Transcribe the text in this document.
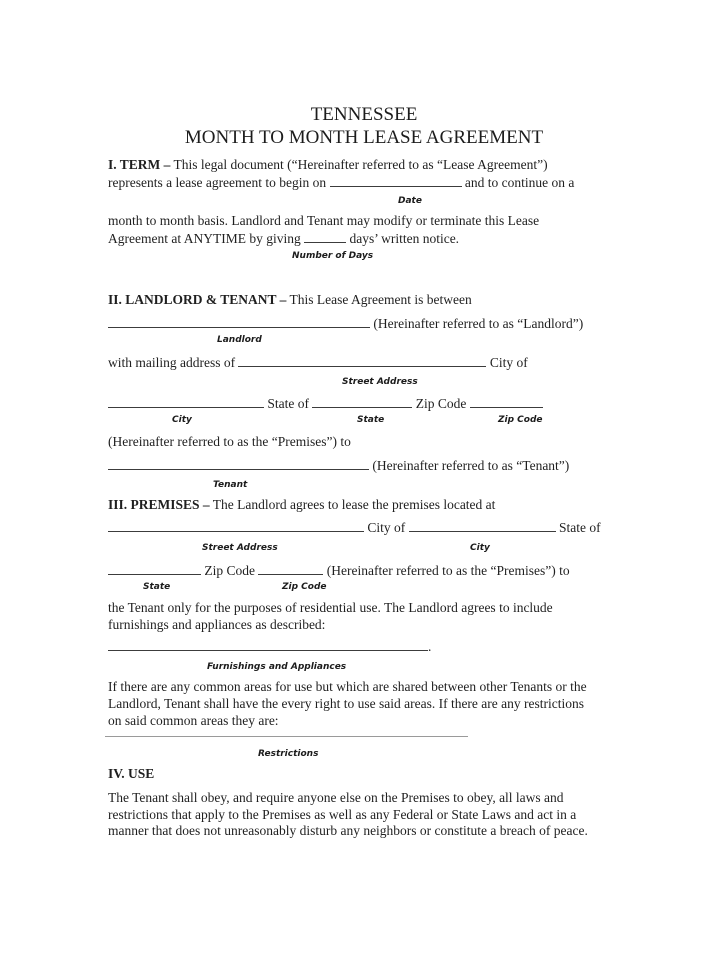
TENNESSEE
MONTH TO MONTH LEASE AGREEMENT
I. TERM – This legal document (“Hereinafter referred to as “Lease Agreement”)
represents a lease agreement to begin on	and to continue on a
Date
month to month basis. Landlord and Tenant may modify or terminate this Lease
Agreement at ANYTIME by giving	days’ written notice.
Number of Days
II. LANDLORD & TENANT – This Lease Agreement is between
(Hereinafter referred to as “Landlord”)
Landlord
with mailing address of	City of
Street Address
State of	Zip Code
City	State	Zip Code
(Hereinafter referred to as the “Premises”) to
(Hereinafter referred to as “Tenant”)
Tenant
III. PREMISES – The Landlord agrees to lease the premises located at
City of	State of
Street Address	City
Zip Code	(Hereinafter referred to as the “Premises”) to
State	Zip Code
the Tenant only for the purposes of residential use. The Landlord agrees to include
furnishings and appliances as described:
.
Furnishings and Appliances
If there are any common areas for use but which are shared between other Tenants or the
Landlord, Tenant shall have the every right to use said areas. If there are any restrictions
on said common areas they are:
Restrictions
IV. USE
The Tenant shall obey, and require anyone else on the Premises to obey, all laws and
restrictions that apply to the Premises as well as any Federal or State Laws and act in a
manner that does not unreasonably disturb any neighbors or constitute a breach of peace.
